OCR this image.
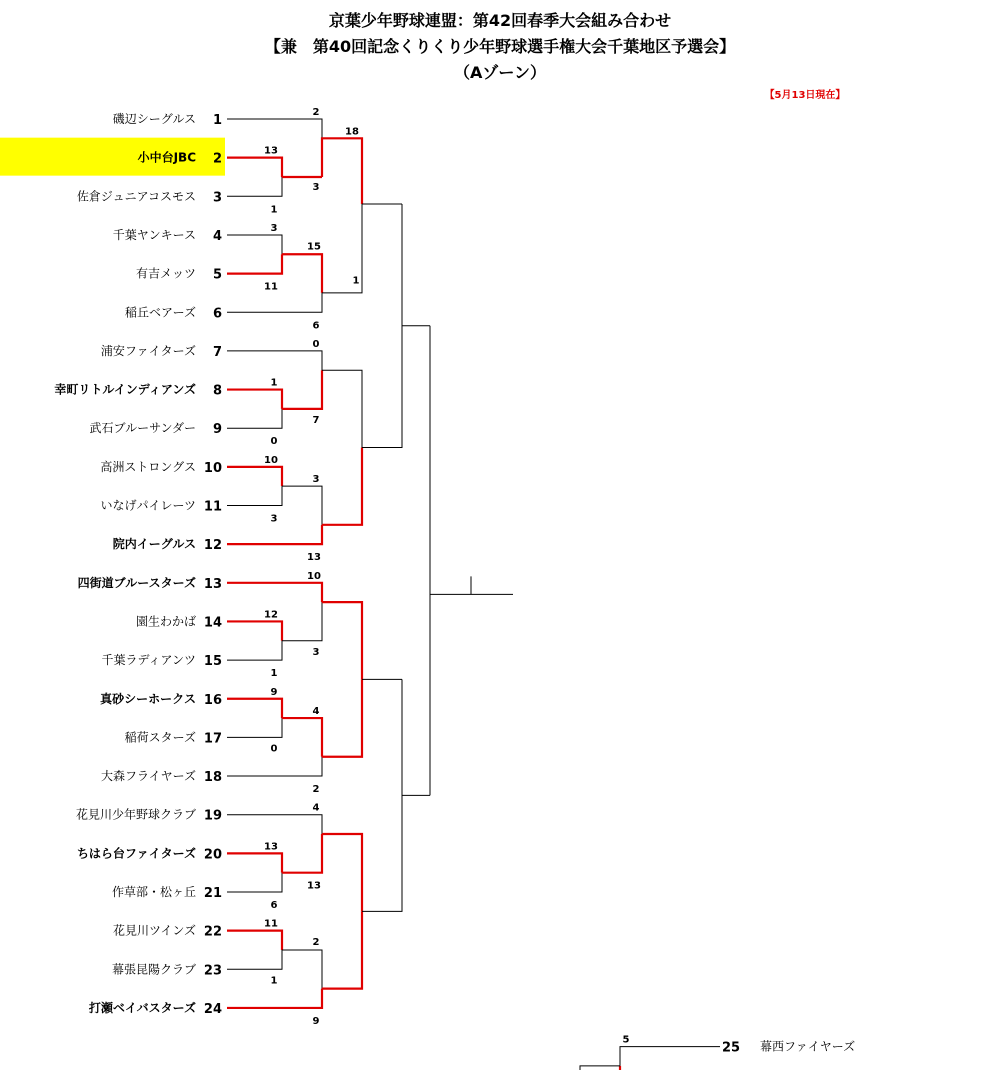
京葉少年野球連盟：第42回春季大会組み合わせ
【兼　第40回記念くりくり少年野球選手権大会千葉地区予選会】
（Aゾーン）
磯辺シーグルス 1
小中台JBC 2
佐倉ジュニアコスモス 3
千葉ヤンキース 4
有吉メッツ 5
稲丘ベアーズ 6
浦安ファイターズ 7
幸町リトルインディアンズ 8
武石ブルーサンダー 9
高洲ストロングス 10
いなげパイレーツ 11
院内イーグルス 12
四街道ブルースターズ 13
園生わかば 14
千葉ラディアンツ 15
真砂シーホークス 16
稲荷スターズ 17
大森フライヤーズ 18
花見川少年野球クラブ 19
ちはら台ファイターズ 20
作草部・松ヶ丘 21
花見川ツインズ 22
幕張昆陽クラブ 23
打瀬ベイバスターズ 24
25 幕西ファイヤーズ
【5月13日現在】
2
13
3
1
18
1
3
15
11
6
0
1
7
0
10
3
3
13
10
12
3
1
9
4
0
2
4
13
13
6
11
2
1
9
5
